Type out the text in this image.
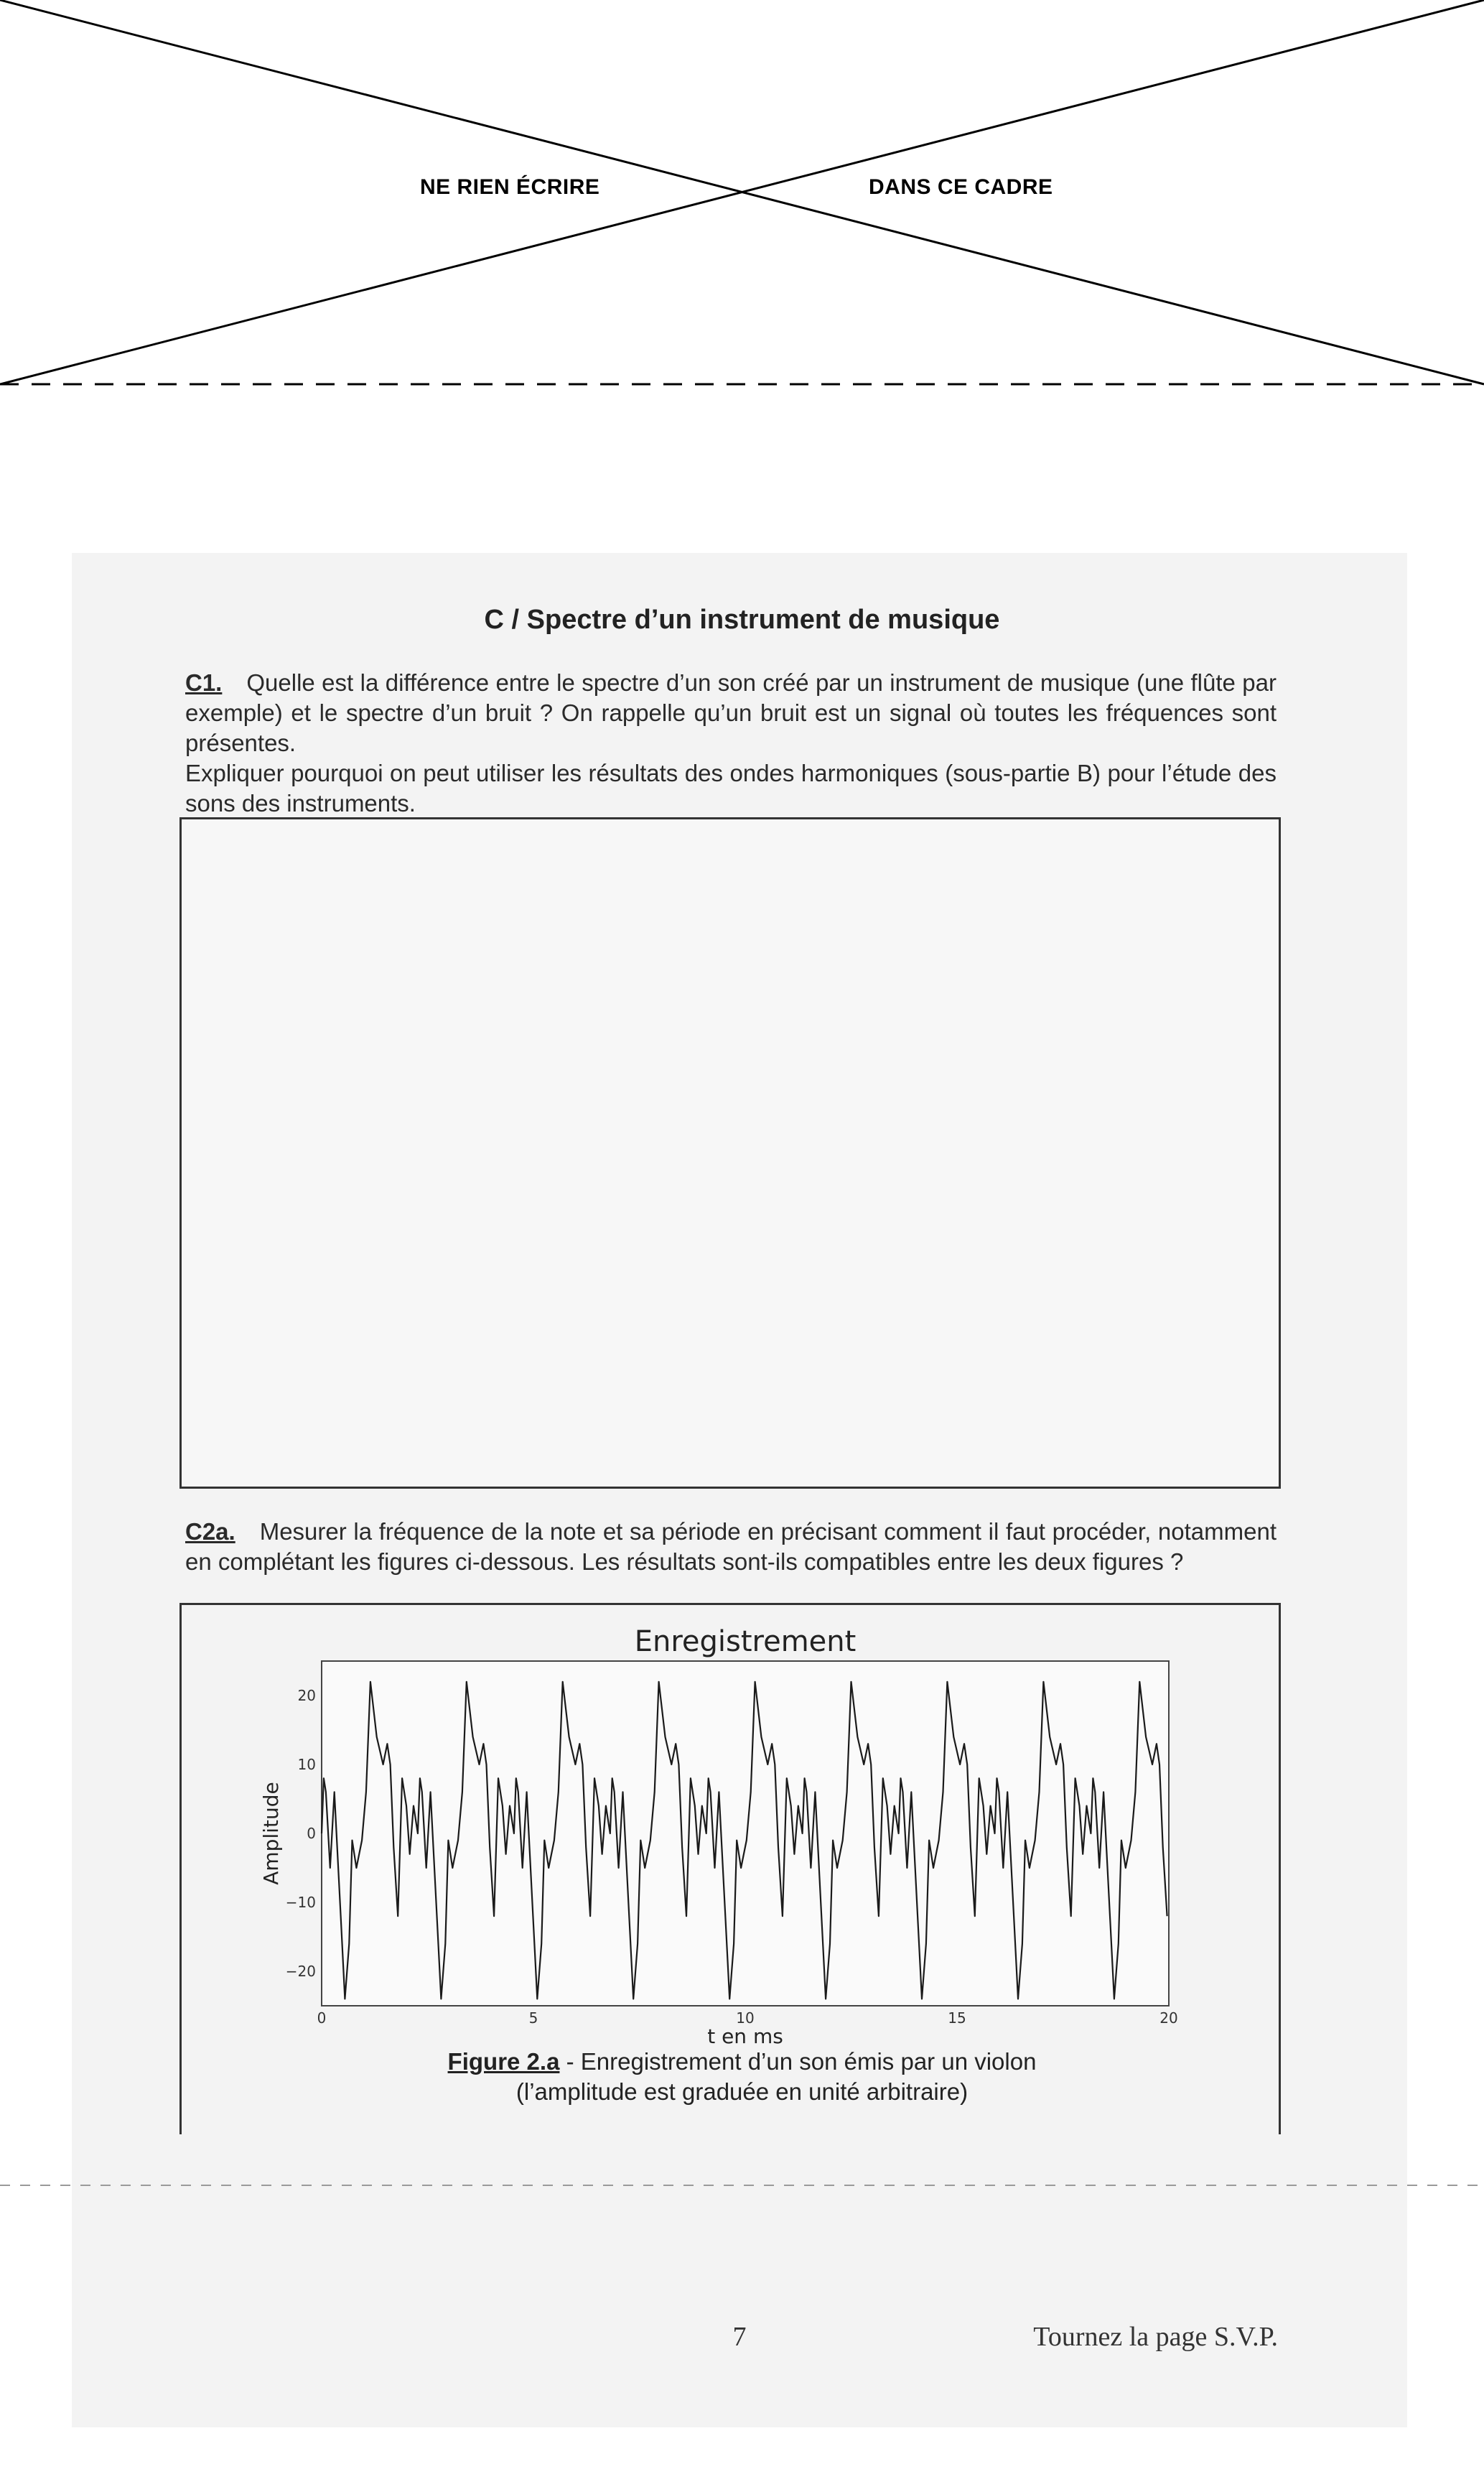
NE RIEN ÉCRIRE	DANS CE CADRE
C / Spectre d’un instrument de musique
C1. Quelle est la différence entre le spectre d’un son créé par un instrument de musique (une flûte par exemple) et le spectre d’un bruit ? On rappelle qu’un bruit est un signal où toutes les fréquences sont présentes.
Expliquer pourquoi on peut utiliser les résultats des ondes harmoniques (sous-partie B) pour l’étude des sons des instruments.
C2a. Mesurer la fréquence de la note et sa période en précisant comment il faut procéder, notamment en complétant les figures ci-dessous. Les résultats sont-ils compatibles entre les deux figures ?
20
10
0
−10
−20
0	5	10	15	20
Enregistrement
t en ms
Amplitude
Figure 2.a - Enregistrement d’un son émis par un violon
(l’amplitude est graduée en unité arbitraire)
7	Tournez la page S.V.P.
